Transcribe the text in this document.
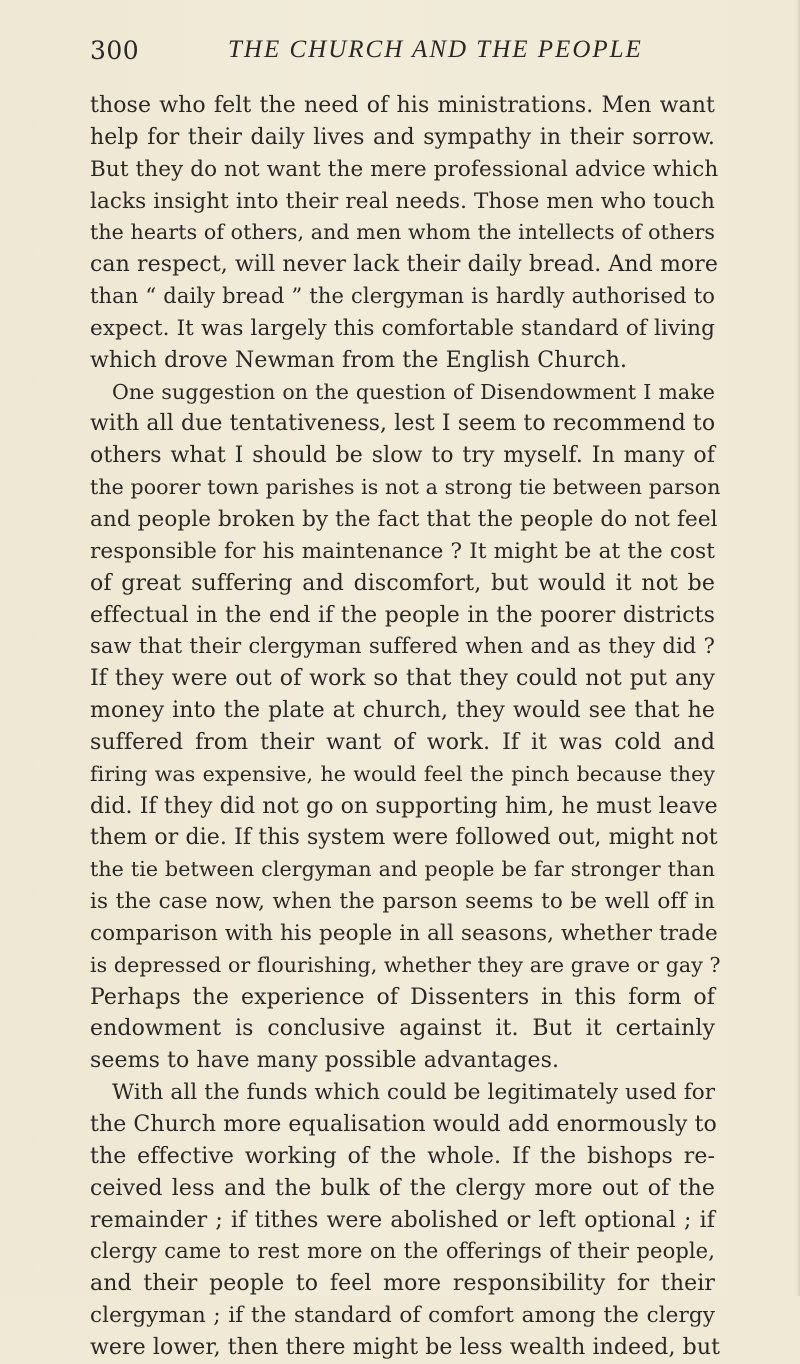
300	THE CHURCH AND THE PEOPLE
those who felt the need of his ministrations. Men want
help for their daily lives and sympathy in their sorrow.
But they do not want the mere professional advice which
lacks insight into their real needs. Those men who touch
the hearts of others, and men whom the intellects of others
can respect, will never lack their daily bread. And more
than “ daily bread ” the clergyman is hardly authorised to
expect. It was largely this comfortable standard of living
which drove Newman from the English Church.
One suggestion on the question of Disendowment I make
with all due tentativeness, lest I seem to recommend to
others what I should be slow to try myself. In many of
the poorer town parishes is not a strong tie between parson
and people broken by the fact that the people do not feel
responsible for his maintenance ? It might be at the cost
of great suffering and discomfort, but would it not be
effectual in the end if the people in the poorer districts
saw that their clergyman suffered when and as they did ?
If they were out of work so that they could not put any
money into the plate at church, they would see that he
suffered from their want of work. If it was cold and
firing was expensive, he would feel the pinch because they
did. If they did not go on supporting him, he must leave
them or die. If this system were followed out, might not
the tie between clergyman and people be far stronger than
is the case now, when the parson seems to be well off in
comparison with his people in all seasons, whether trade
is depressed or flourishing, whether they are grave or gay ?
Perhaps the experience of Dissenters in this form of
endowment is conclusive against it. But it certainly
seems to have many possible advantages.
With all the funds which could be legitimately used for
the Church more equalisation would add enormously to
the effective working of the whole. If the bishops re-
ceived less and the bulk of the clergy more out of the
remainder ; if tithes were abolished or left optional ; if
clergy came to rest more on the offerings of their people,
and their people to feel more responsibility for their
clergyman ; if the standard of comfort among the clergy
were lower, then there might be less wealth indeed, but
